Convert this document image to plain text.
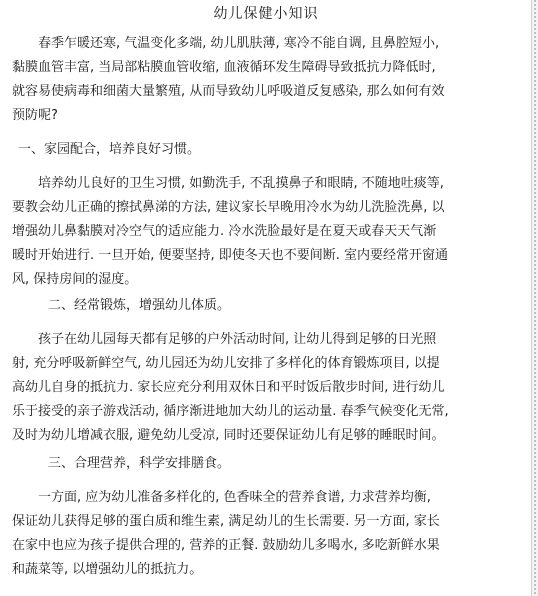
幼儿保健小知识

　　春季乍暖还寒, 气温变化多端, 幼儿肌肤薄, 寒冷不能自调, 且鼻腔短小,
黏膜血管丰富, 当局部粘膜血管收缩, 血液循环发生障碍导致抵抗力降低时,
就容易使病毒和细菌大量繁殖, 从而导致幼儿呼吸道反复感染, 那么如何有效
预防呢?

一、家园配合，培养良好习惯。

　　培养幼儿良好的卫生习惯, 如勤洗手, 不乱摸鼻子和眼睛, 不随地吐痰等,
要教会幼儿正确的擦拭鼻涕的方法, 建议家长早晚用冷水为幼儿洗脸洗鼻, 以
增强幼儿鼻黏膜对冷空气的适应能力. 冷水洗脸最好是在夏天或春天天气渐
暖时开始进行. 一旦开始, 便要坚持, 即使冬天也不要间断. 室内要经常开窗通
风, 保持房间的湿度。

二、经常锻炼，增强幼儿体质。

　　孩子在幼儿园每天都有足够的户外活动时间, 让幼儿得到足够的日光照
射, 充分呼吸新鲜空气, 幼儿园还为幼儿安排了多样化的体育锻炼项目, 以提
高幼儿自身的抵抗力. 家长应充分利用双休日和平时饭后散步时间, 进行幼儿
乐于接受的亲子游戏活动, 循序渐进地加大幼儿的运动量. 春季气候变化无常,
及时为幼儿增减衣服, 避免幼儿受凉, 同时还要保证幼儿有足够的睡眠时间。

三、合理营养，科学安排膳食。

　　一方面, 应为幼儿准备多样化的, 色香味全的营养食谱, 力求营养均衡,
保证幼儿获得足够的蛋白质和维生素, 满足幼儿的生长需要. 另一方面, 家长
在家中也应为孩子提供合理的, 营养的正餐. 鼓励幼儿多喝水, 多吃新鲜水果
和蔬菜等, 以增强幼儿的抵抗力。
